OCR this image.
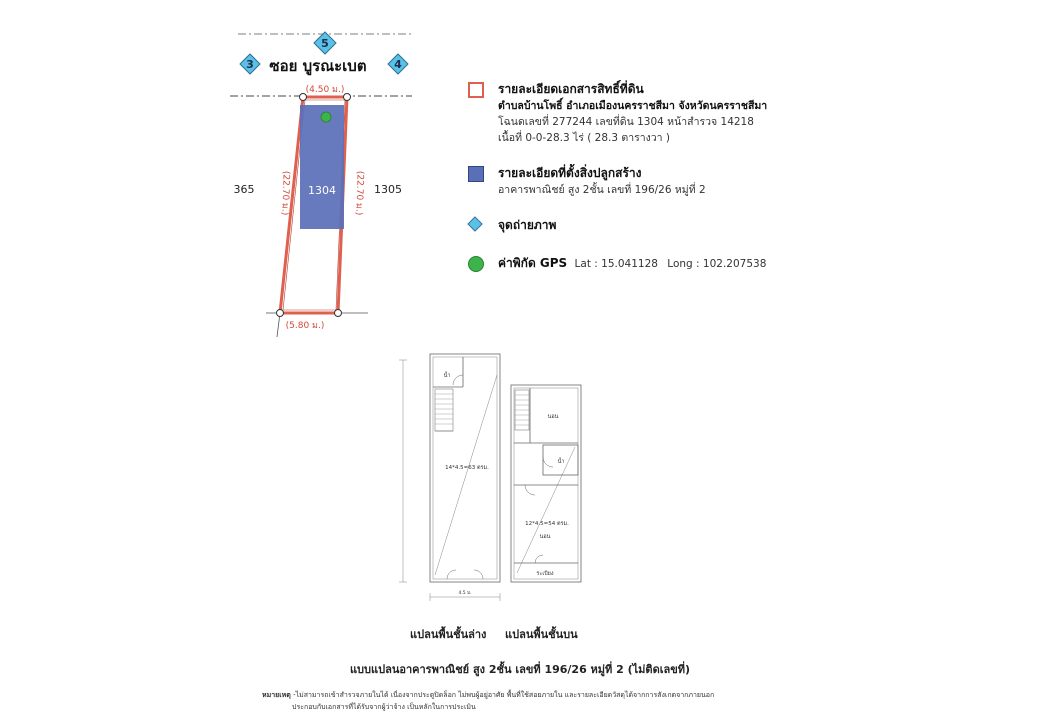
5
3	4
ซอย บูรณะเบต
1304
(4.50 ม.)
(5.80 ม.)
(22.70 ม.)	(22.70 ม.)
365	1305
รายละเอียดเอกสารสิทธิ์ที่ดิน
ตำบลบ้านโพธิ์ อำเภอเมืองนครราชสีมา จังหวัดนครราชสีมา
โฉนดเลขที่ 277244 เลขที่ดิน 1304 หน้าสำรวจ 14218
เนื้อที่ 0-0-28.3 ไร่ ( 28.3 ตารางวา )
รายละเอียดที่ตั้งสิ่งปลูกสร้าง
อาคารพาณิชย์ สูง 2ชั้น เลขที่ 196/26 หมู่ที่ 2
จุดถ่ายภาพ
ค่าพิกัด GPS Lat : 15.041128 Long : 102.207538
น้ำ
14*4.5=63 ตรม.
4.5 ม.
นอน
น้ำ
12*4.5=54 ตรม.
นอน
ระเบียง
แปลนพื้นชั้นล่าง แปลนพื้นชั้นบน
แบบแปลนอาคารพาณิชย์ สูง 2ชั้น เลขที่ 196/26 หมู่ที่ 2 (ไม่ติดเลขที่)
หมายเหตุ -ไม่สามารถเข้าสำรวจภายในได้ เนื่องจากประตูปิดล็อก ไม่พบผู้อยู่อาศัย พื้นที่ใช้สอยภายใน และรายละเอียดวัสดุได้จากการสังเกตจากภายนอก
ประกอบกับเอกสารที่ได้รับจากผู้ว่าจ้าง เป็นหลักในการประเมิน
